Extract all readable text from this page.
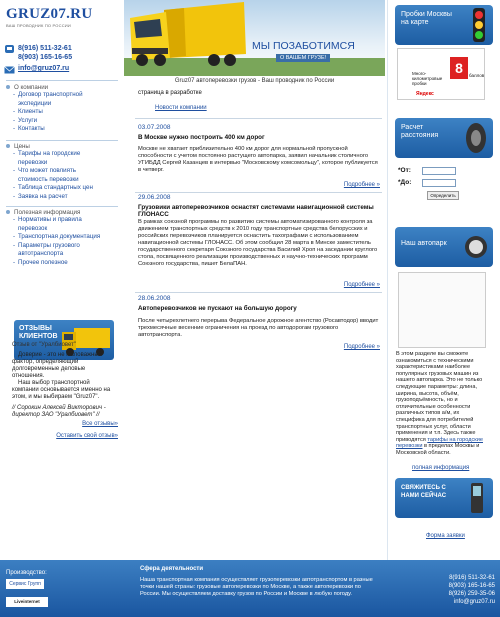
GRUZ07.RU
ВАШ ПРОВОДНИК ПО РОССИИ
8(916) 511-32-61
8(903) 165-16-65
info@gruz07.ru
МЫ ПОЗАБОТИМСЯ
О ВАШЕМ ГРУЗЕ!
Gruz07 автоперевозки грузов - Ваш проводник по России
О компании
- Договор транспортной экспедиции
- Клиенты
- Услуги
- Контакты
Цены
- Тарифы на городские перевозки
- Что может повлиять стоимость перевозки
- Таблица стандартных цен
- Заявка на расчет
Полезная информация
- Нормативы и правила перевозок
- Транспортная документация
- Параметры грузового автотранспорта
- Прочее полезное
ОТЗЫВЫ КЛИЕНТОВ
Отзыв от "Уралбиовет"
Доверие - это не маловажный фактор, определяющий долговременные деловые отношения.
Наш выбор транспортной компании основывается именно на этом, и мы выбираем "Gruz07".
// Сорокин Алексей Викторович - директор ЗАО "Уралбиовет" //
Все отзывы»
Оставить свой отзыв»
страница в разработке
Новости компании
03.07.2008
В Москве нужно построить 400 км дорог
Москве не хватает приблизительно 400 км дорог для нормальной пропускной способности с учетом постоянно растущего автопарка, заявил начальник столичного УГИБДД Сергей Казанцев в интервью "Московскому комсомольцу", которое публикуется в четверг.
Подробнее »
29.06.2008
Грузовики автоперевозчиков оснастят системами навигационной системы ГЛОНАСС
В рамках союзной программы по развитию системы автоматизированного контроля за движением транспортных средств к 2010 году транспортные средства белорусских и российских перевозчиков планируется оснастить тахографами с использованием навигационной системы ГЛОНАСС. Об этом сообщил 28 марта в Минске заместитель государственного секретаря Союзного государства Василий Хроп на заседании круглого стола, посвященного реализации производственных и научно-технических программ Союзного государства, пишет БелаПАН.
Подробнее »
28.06.2008
Автоперевозчиков не пускают на большую дорогу
После четырехлетнего перерыва Федеральное дорожное агентство (Росавтодор) вводит трехмесячные весенние ограничения на проезд по автодорогам грузового автотранспорта.
Подробнее »
Пробки Москвы на карте
8	баллов
Много-километровые пробки
Яндекс
Расчет расстояния
*От:
*До:
Определить
Наш автопарк
В этом разделе вы сможете ознакомиться с техническими характеристиками наиболее популярных грузовых машин из нашего автопарка. Это не только следующие параметры: длина, ширина, высота, объём, грузоподъёмность, но и отличительные особенности различных типов а/м, их специфика для потребителей транспортных услуг, области применения и т.п. Здесь также приводятся тарифы на городские перевозки в пределах Москвы и Московской области.
полная информация
СВЯЖИТЕСЬ С НАМИ СЕЙЧАС
Форма заявки
Производство:
Сервис Групп
Liveinternet
Сфера деятельности
Наша транспортная компания осуществляет грузоперевозки автотранспортом в разные точки нашей страны: грузовые автоперевозки по Москве, а также автоперевозки по России. Мы осуществляем доставку грузов по России и Москве в любую погоду.
8(916) 511-32-61
8(903) 165-16-65
8(926) 259-35-06
info@gruz07.ru
